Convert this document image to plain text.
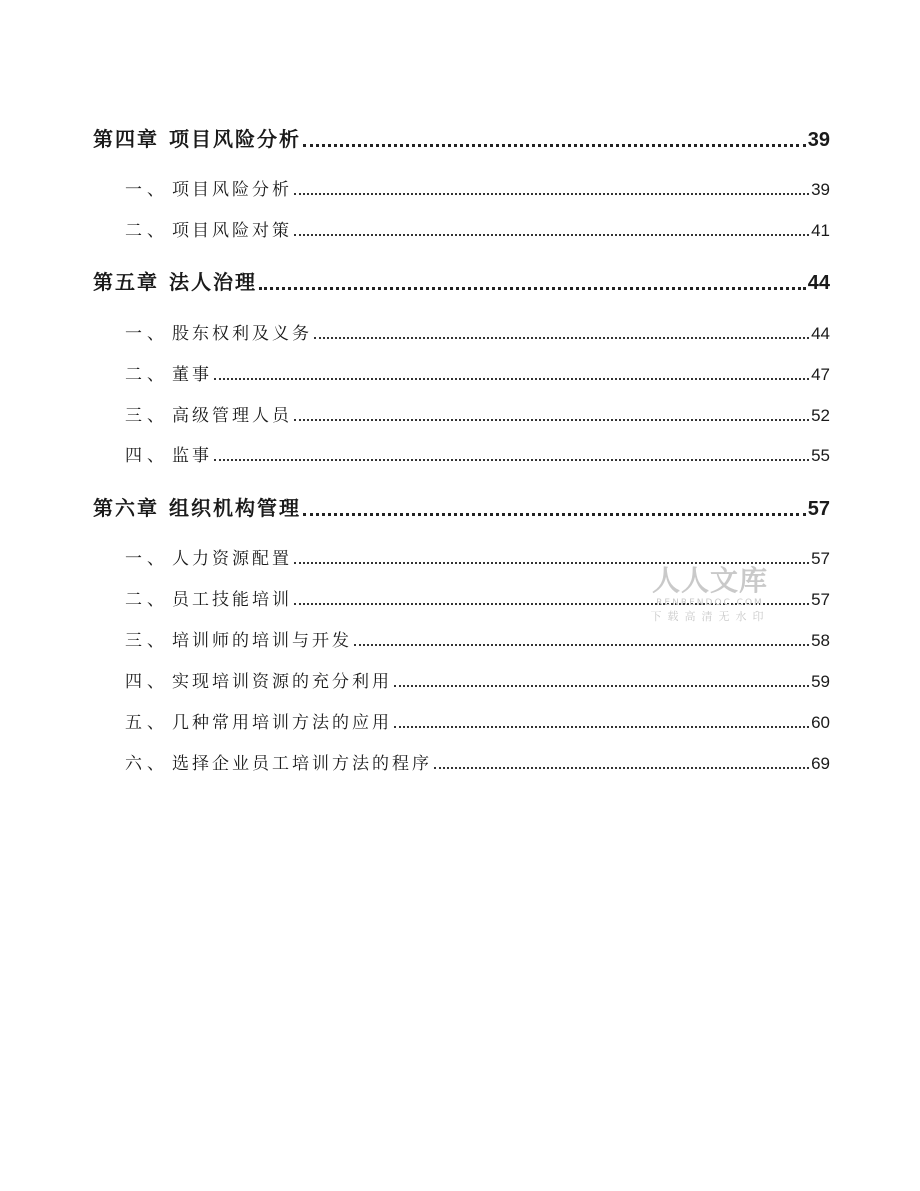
第四章 项目风险分析	39
一、 项目风险分析	39
二、 项目风险对策	41
第五章 法人治理	44
一、 股东权利及义务	44
二、 董事	47
三、 高级管理人员	52
四、 监事	55
第六章 组织机构管理	57
一、 人力资源配置	57
二、 员工技能培训	57
三、 培训师的培训与开发	58
四、 实现培训资源的充分利用	59
五、 几种常用培训方法的应用	60
六、 选择企业员工培训方法的程序	69
人人文库
RENRENDOC.COM
下载高清无水印
